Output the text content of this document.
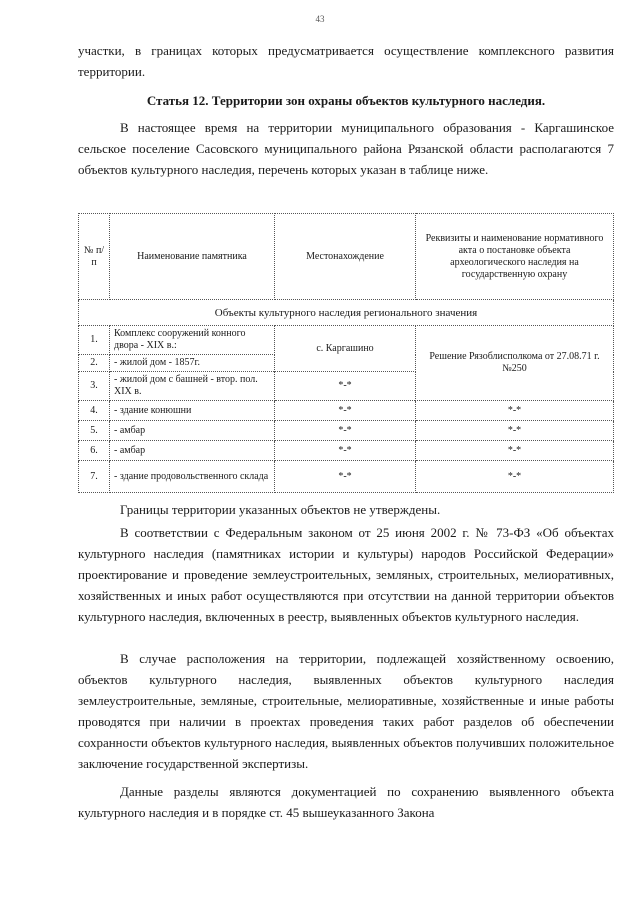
43

участки, в границах которых предусматривается осуществление комплексного развития территории.

Статья 12. Территории зон охраны объектов культурного наследия.

В настоящее время на территории муниципального образования - Каргашинское сельское поселение Сасовского муниципального района Рязанской области располагаются 7 объектов культурного наследия, перечень которых указан в таблице ниже.

№ п/п	Наименование памятника	Местонахождение	Реквизиты и наименование нормативного акта о постановке объекта археологического наследия на государственную охрану
Объекты культурного наследия регионального значения			
1.	Комплекс сооружений конного двора - XIX в.:	с. Каргашино	Решение Рязоблисполкома от 27.08.71 г. №250
2.	- жилой дом - 1857г.		
3.	- жилой дом с башней - втор. пол. XIX в.	*-*	
4.	- здание конюшни	*-*	*-*
5.	- амбар	*-*	*-*
6.	- амбар	*-*	*-*
7.	- здание продовольственного склада	*-*	*-*

Границы территории указанных объектов не утверждены.

В соответствии с Федеральным законом от 25 июня 2002 г. № 73-ФЗ «Об объектах культурного наследия (памятниках истории и культуры) народов Российской Федерации» проектирование и проведение землеустроительных, земляных, строительных, мелиоративных, хозяйственных и иных работ осуществляются при отсутствии на данной территории объектов культурного наследия, включенных в реестр, выявленных объектов культурного наследия.

В случае расположения на территории, подлежащей хозяйственному освоению, объектов культурного наследия, выявленных объектов культурного наследия землеустроительные, земляные, строительные, мелиоративные, хозяйственные и иные работы проводятся при наличии в проектах проведения таких работ разделов об обеспечении сохранности объектов культурного наследия, выявленных объектов получивших положительное заключение государственной экспертизы.

Данные разделы являются документацией по сохранению выявленного объекта культурного наследия и в порядке ст. 45 вышеуказанного Закона
